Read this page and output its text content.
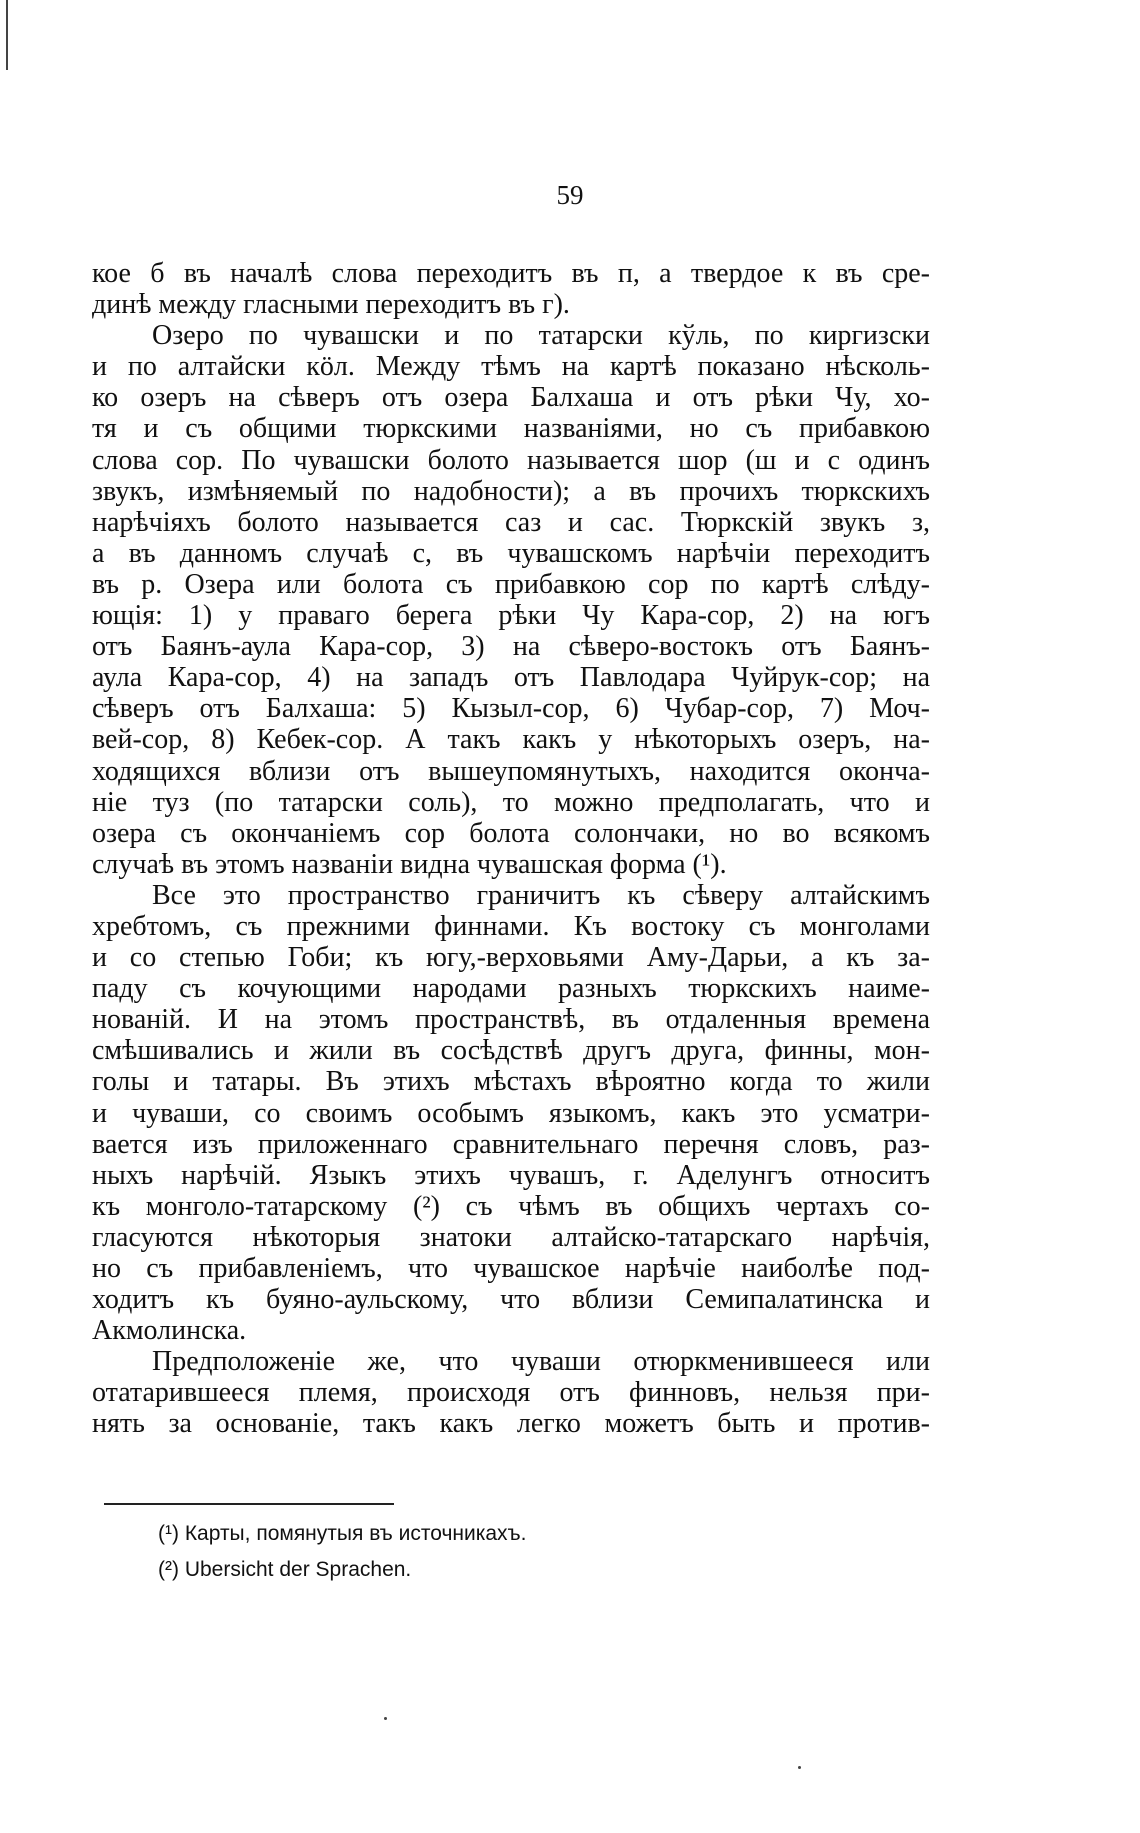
59

кое б въ началѣ слова переходитъ въ п, а твердое к въ сре-
динѣ между гласными переходитъ въ г).

Озеро по чувашски и по татарски кўль, по киргизски
и по алтайски кӧл. Между тѣмъ на картѣ показано нѣсколь-
ко озеръ на сѣверъ отъ озера Балхаша и отъ рѣки Чу, хо-
тя и съ общими тюркскими названіями, но съ прибавкою
слова сор. По чувашски болото называется шор (ш и с одинъ
звукъ, измѣняемый по надобности); а въ прочихъ тюркскихъ
нарѣчіяхъ болото называется саз и сас. Тюркскій звукъ з,
а въ данномъ случаѣ с, въ чувашскомъ нарѣчіи переходитъ
въ р. Озера или болота съ прибавкою сор по картѣ слѣду-
ющія: 1) у праваго берега рѣки Чу Кара-сор, 2) на югъ
отъ Баянъ-аула Кара-сор, 3) на сѣверо-востокъ отъ Баянъ-
аула Кара-сор, 4) на западъ отъ Павлодара Чуйрук-сор; на
сѣверъ отъ Балхаша: 5) Кызыл-сор, 6) Чубар-сор, 7) Моч-
вей-сор, 8) Кебек-сор. А такъ какъ у нѣкоторыхъ озеръ, на-
ходящихся вблизи отъ вышеупомянутыхъ, находится оконча-
ніе туз (по татарски соль), то можно предполагать, что и
озера съ окончаніемъ сор болота солончаки, но во всякомъ
случаѣ въ этомъ названіи видна чувашская форма (¹).

Все это пространство граничитъ къ сѣверу алтайскимъ
хребтомъ, съ прежними финнами. Къ востоку съ монголами
и со степью Гоби; къ югу,-верховьями Аму-Дарьи, а къ за-
паду съ кочующими народами разныхъ тюркскихъ наиме-
нованій. И на этомъ пространствѣ, въ отдаленныя времена
смѣшивались и жили въ сосѣдствѣ другъ друга, финны, мон-
голы и татары. Въ этихъ мѣстахъ вѣроятно когда то жили
и чуваши, со своимъ особымъ языкомъ, какъ это усматри-
вается изъ приложеннаго сравнительнаго перечня словъ, раз-
ныхъ нарѣчій. Языкъ этихъ чувашъ, г. Аделунгъ относитъ
къ монголо-татарскому (²) съ чѣмъ въ общихъ чертахъ со-
гласуются нѣкоторыя знатоки алтайско-татарскаго нарѣчія,
но съ прибавленіемъ, что чувашское нарѣчіе наиболѣе под-
ходитъ къ буяно-аульскому, что вблизи Семипалатинска и
Акмолинска.

Предположеніе же, что чуваши отюркменившееся или
отатарившееся племя, происходя отъ финновъ, нельзя при-
нять за основаніе, такъ какъ легко можетъ быть и против-

(¹) Карты, помянутыя въ источникахъ.
(²) Ubersicht der Sprachen.
